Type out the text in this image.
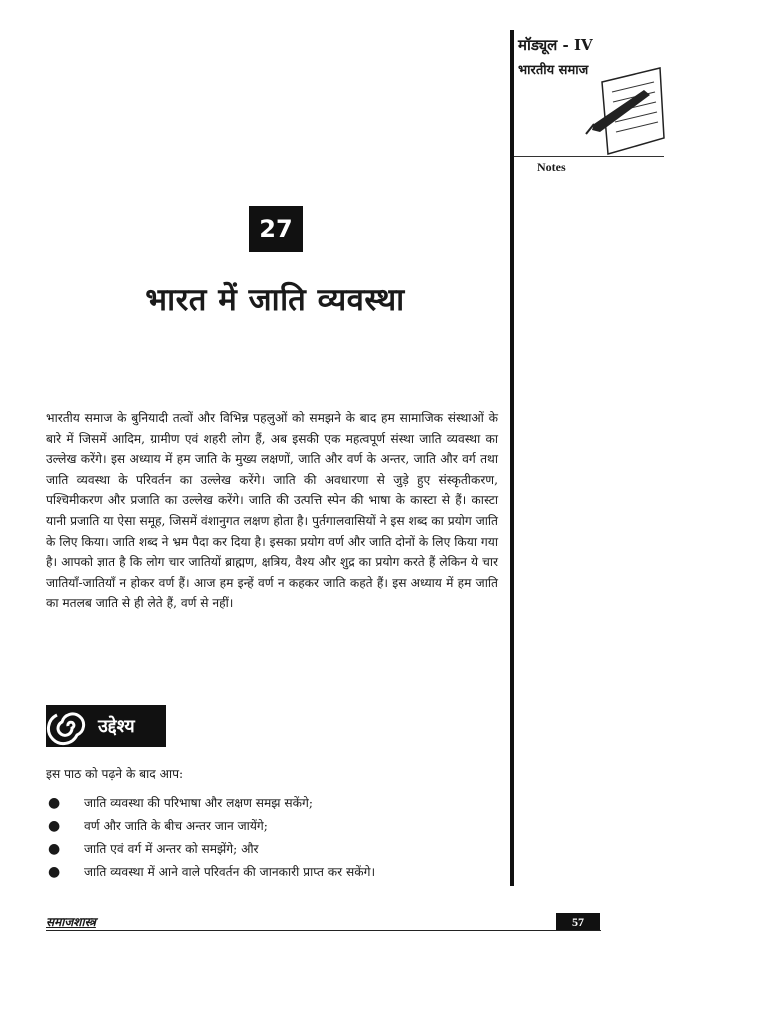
मॉड्यूल - IV
भारतीय समाज
Notes
27
भारत में जाति व्यवस्था

भारतीय समाज के बुनियादी तत्वों और विभिन्न पहलुओं को समझने के बाद हम सामाजिक संस्थाओं के बारे में जिसमें आदिम, ग्रामीण एवं शहरी लोग हैं, अब इसकी एक महत्वपूर्ण संस्था जाति व्यवस्था का उल्लेख करेंगे। इस अध्याय में हम जाति के मुख्य लक्षणों, जाति और वर्ण के अन्तर, जाति और वर्ग तथा जाति व्यवस्था के परिवर्तन का उल्लेख करेंगे। जाति की अवधारणा से जुड़े हुए संस्कृतीकरण, पश्चिमीकरण और प्रजाति का उल्लेख करेंगे। जाति की उत्पत्ति स्पेन की भाषा के कास्टा से हैं। कास्टा यानी प्रजाति या ऐसा समूह, जिसमें वंशानुगत लक्षण होता है। पुर्तगालवासियों ने इस शब्द का प्रयोग जाति के लिए किया। जाति शब्द ने भ्रम पैदा कर दिया है। इसका प्रयोग वर्ण और जाति दोनों के लिए किया गया है। आपको ज्ञात है कि लोग चार जातियों ब्राह्मण, क्षत्रिय, वैश्य और शुद्र का प्रयोग करते हैं लेकिन ये चार जातियाँ-जातियाँ न होकर वर्ण हैं। आज हम इन्हें वर्ण न कहकर जाति कहते हैं। इस अध्याय में हम जाति का मतलब जाति से ही लेते हैं, वर्ण से नहीं।

उद्देश्य

इस पाठ को पढ़ने के बाद आप:

● जाति व्यवस्था की परिभाषा और लक्षण समझ सकेंगे;
● वर्ण और जाति के बीच अन्तर जान जायेंगे;
● जाति एवं वर्ग में अन्तर को समझेंगे; और
● जाति व्यवस्था में आने वाले परिवर्तन की जानकारी प्राप्त कर सकेंगे।
समाजशास्त्र	57
